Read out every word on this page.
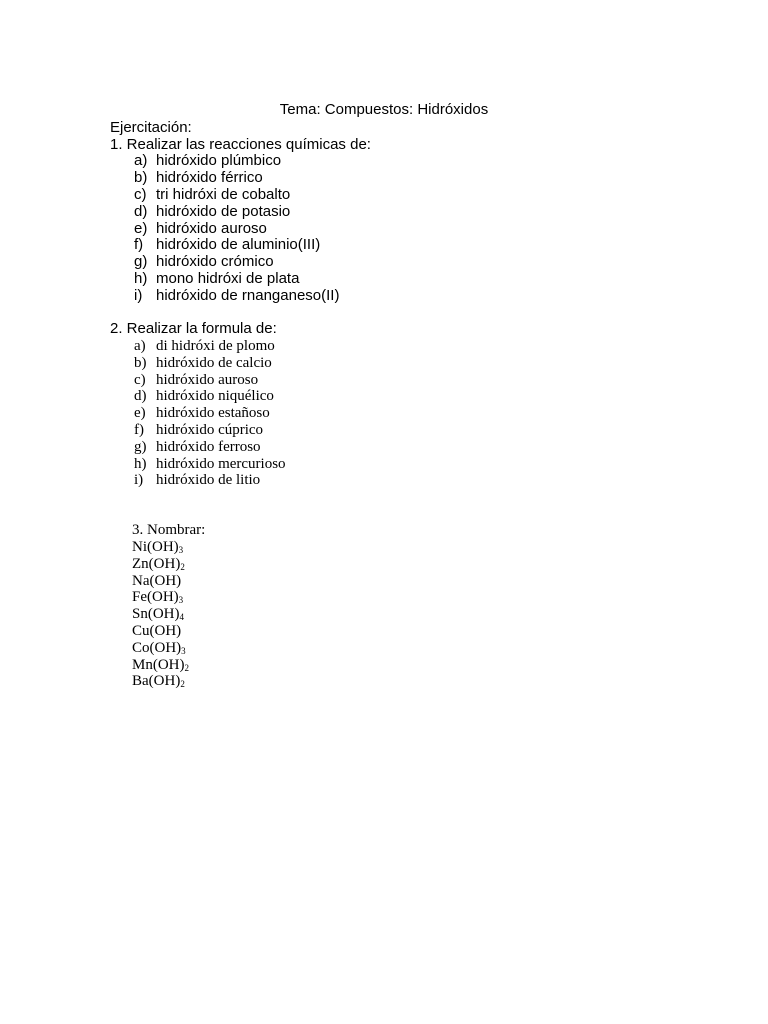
Tema: Compuestos: Hidróxidos
Ejercitación:
1. Realizar las reacciones químicas de:
a) hidróxido plúmbico
b) hidróxido férrico
c) tri hidróxi de cobalto
d) hidróxido de potasio
e) hidróxido auroso
f) hidróxido de aluminio(III)
g) hidróxido crómico
h) mono hidróxi de plata
i) hidróxido de rnanganeso(II)
2. Realizar la formula de:
a) di hidróxi de plomo
b) hidróxido de calcio
c) hidróxido auroso
d) hidróxido niquélico
e) hidróxido estañoso
f) hidróxido cúprico
g) hidróxido ferroso
h) hidróxido mercurioso
i) hidróxido de litio
3. Nombrar:
$Ni(OH)_3$
$Zn(OH)_2$
Na(OH)
$Fe(OH)_3$
$Sn(OH)_4$
Cu(OH)
$Co(OH)_3$
$Mn(OH)_2$
$Ba(OH)_2$
